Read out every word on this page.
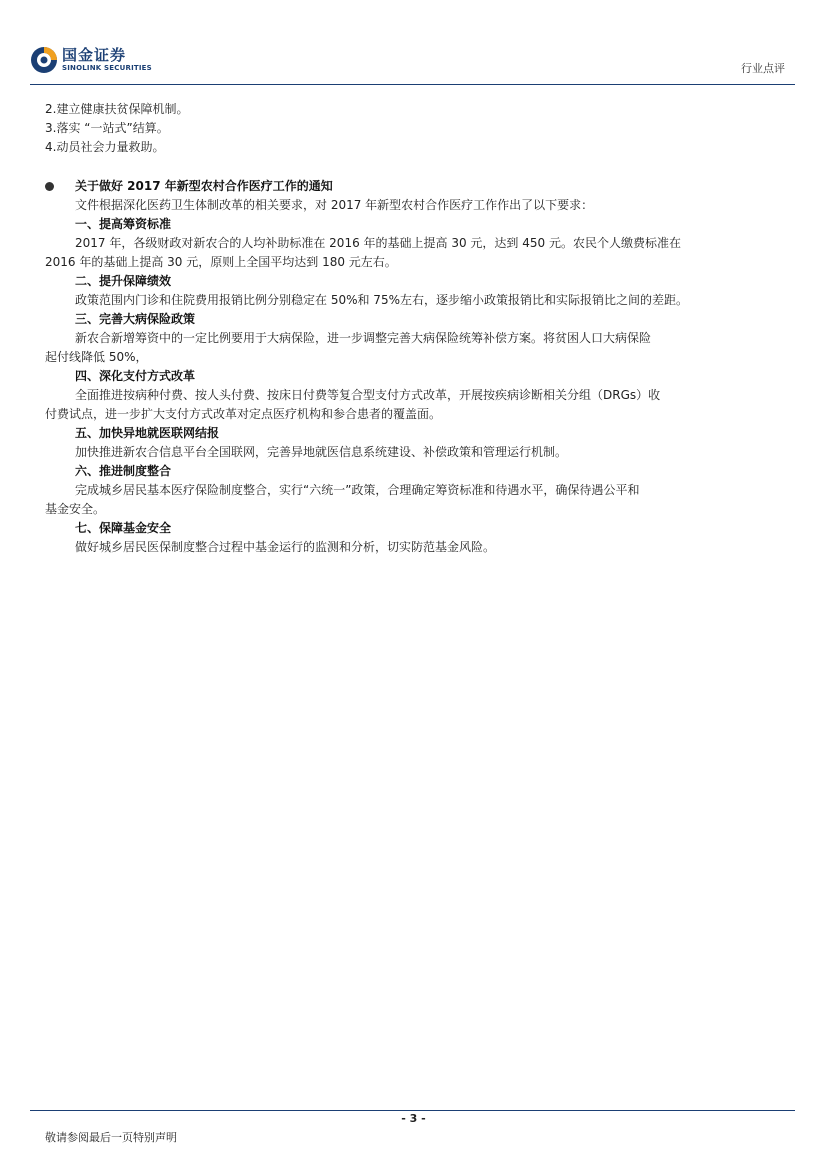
国金证券
SINOLINK SECURITIES	行业点评
2.建立健康扶贫保障机制。
3.落实 “一站式”结算。
4.动员社会力量救助。
关于做好 2017 年新型农村合作医疗工作的通知
文件根据深化医药卫生体制改革的相关要求，对 2017 年新型农村合作医疗工作作出了以下要求：
一、提高筹资标准
2017 年，各级财政对新农合的人均补助标准在 2016 年的基础上提高 30 元，达到 450 元。农民个人缴费标准在
2016 年的基础上提高 30 元，原则上全国平均达到 180 元左右。
二、提升保障绩效
政策范围内门诊和住院费用报销比例分别稳定在 50%和 75%左右，逐步缩小政策报销比和实际报销比之间的差距。
三、完善大病保险政策
新农合新增筹资中的一定比例要用于大病保险，进一步调整完善大病保险统筹补偿方案。将贫困人口大病保险
起付线降低 50%，
四、深化支付方式改革
全面推进按病种付费、按人头付费、按床日付费等复合型支付方式改革，开展按疾病诊断相关分组（DRGs）收
付费试点，进一步扩大支付方式改革对定点医疗机构和参合患者的覆盖面。
五、加快异地就医联网结报
加快推进新农合信息平台全国联网，完善异地就医信息系统建设、补偿政策和管理运行机制。
六、推进制度整合
完成城乡居民基本医疗保险制度整合，实行“六统一”政策，合理确定筹资标准和待遇水平，确保待遇公平和
基金安全。
七、保障基金安全
做好城乡居民医保制度整合过程中基金运行的监测和分析，切实防范基金风险。
- 3 -
敬请参阅最后一页特别声明
